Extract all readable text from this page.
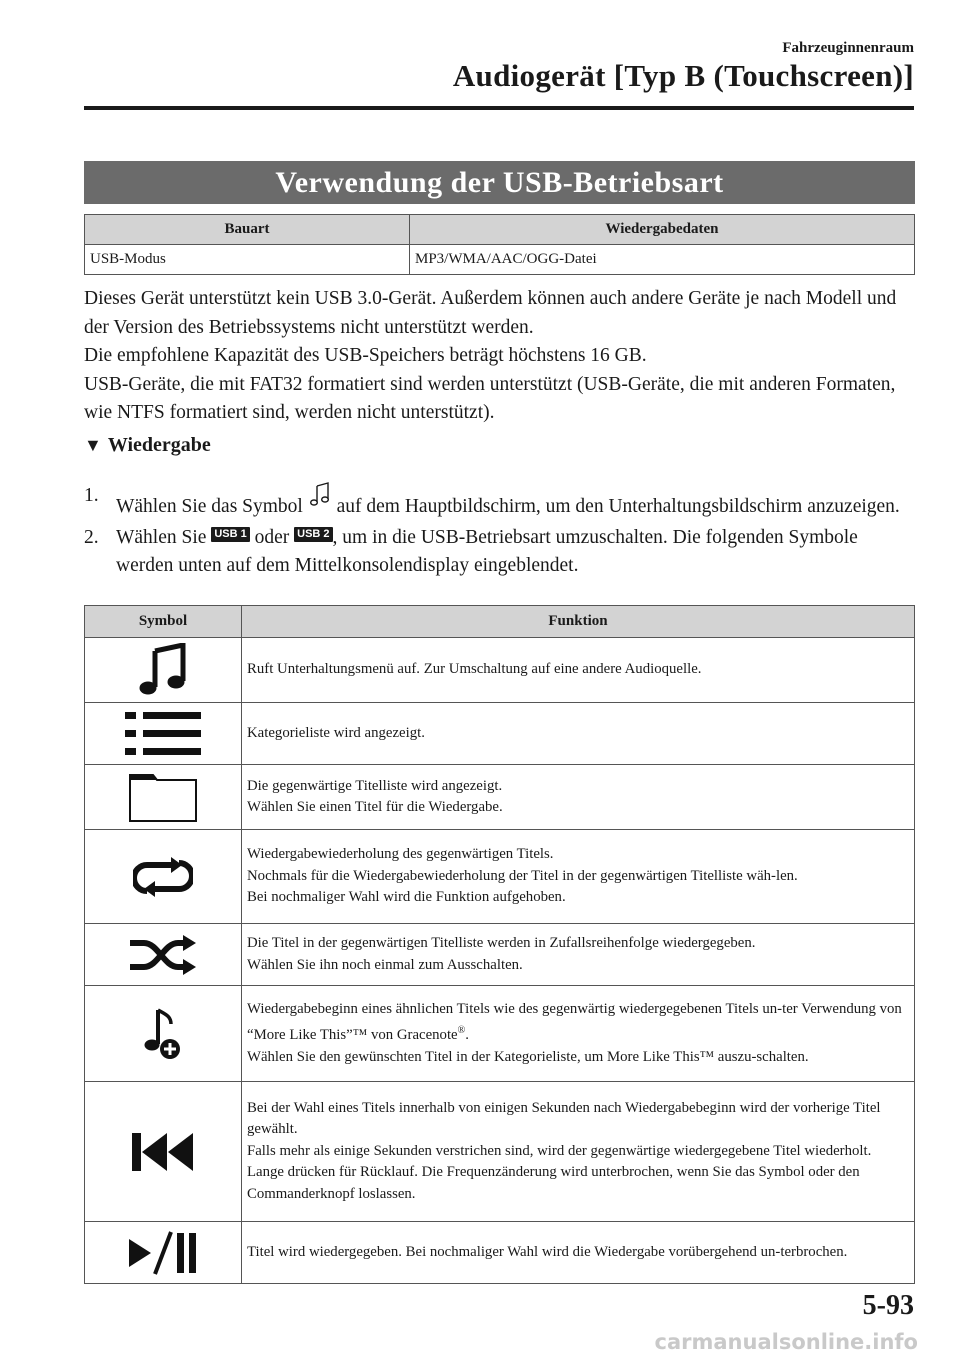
Fahrzeuginnenraum
Audiogerät [Typ B (Touchscreen)]
Verwendung der USB-Betriebsart
Bauart	Wiedergabedaten
USB-Modus	MP3/WMA/AAC/OGG-Datei

Dieses Gerät unterstützt kein USB 3.0-Gerät. Außerdem können auch andere Geräte je nach Modell und der Version des Betriebssystems nicht unterstützt werden.

Die empfohlene Kapazität des USB-Speichers beträgt höchstens 16 GB.

USB-Geräte, die mit FAT32 formatiert sind werden unterstützt (USB-Geräte, die mit anderen Formaten, wie NTFS formatiert sind, werden nicht unterstützt).

▼ Wiedergabe
1.
Wählen Sie das Symbol auf dem Hauptbildschirm, um den Unterhaltungsbildschirm anzuzeigen.
2. Wählen Sie USB 1 oder USB 2 , um in die USB-Betriebsart umzuschalten. Die folgenden Symbole werden unten auf dem Mittelkonsolendisplay eingeblendet.
Symbol	Funktion

Ruft Unterhaltungsmenü auf. Zur Umschaltung auf eine andere Audioquelle.

Kategorieliste wird angezeigt.

Die gegenwärtige Titelliste wird angezeigt.
Wählen Sie einen Titel für die Wiedergabe.

Wiedergabewiederholung des gegenwärtigen Titels.
Nochmals für die Wiedergabewiederholung der Titel in der gegenwärtigen Titelliste wäh-len.
Bei nochmaliger Wahl wird die Funktion aufgehoben.

Die Titel in der gegenwärtigen Titelliste werden in Zufallsreihenfolge wiedergegeben.
Wählen Sie ihn noch einmal zum Ausschalten.

Wiedergabebeginn eines ähnlichen Titels wie des gegenwärtig wiedergegebenen Titels un-ter Verwendung von “More Like This”™ von Gracenote®.
Wählen Sie den gewünschten Titel in der Kategorieliste, um More Like This™ auszu-schalten.

Bei der Wahl eines Titels innerhalb von einigen Sekunden nach Wiedergabebeginn wird der vorherige Titel gewählt.
Falls mehr als einige Sekunden verstrichen sind, wird der gegenwärtige wiedergegebene Titel wiederholt.
Lange drücken für Rücklauf. Die Frequenzänderung wird unterbrochen, wenn Sie das Symbol oder den Commanderknopf loslassen.

Titel wird wiedergegeben. Bei nochmaliger Wahl wird die Wiedergabe vorübergehend un-terbrochen.
5-93
carmanualsonline.info
